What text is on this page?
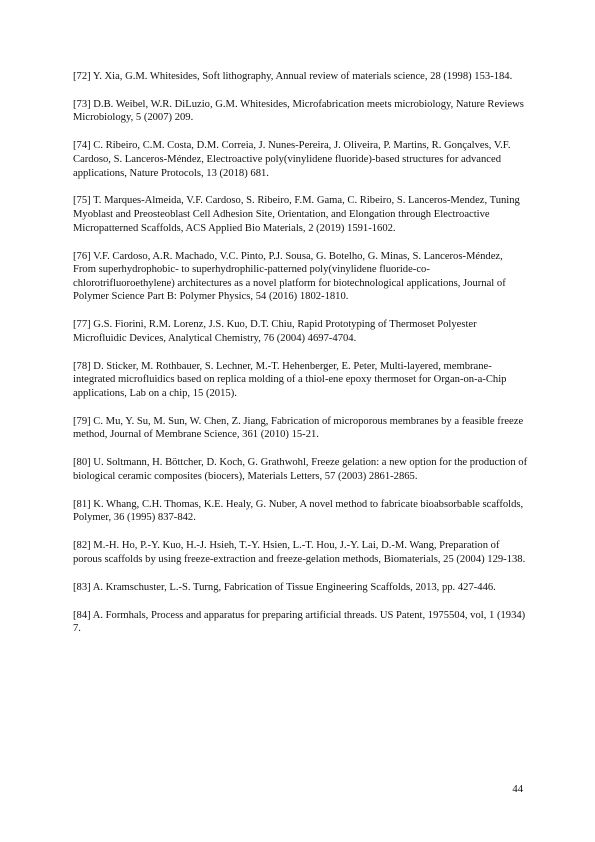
[72] Y. Xia, G.M. Whitesides, Soft lithography, Annual review of materials science, 28 (1998) 153-184.

[73] D.B. Weibel, W.R. DiLuzio, G.M. Whitesides, Microfabrication meets microbiology, Nature Reviews Microbiology, 5 (2007) 209.

[74] C. Ribeiro, C.M. Costa, D.M. Correia, J. Nunes-Pereira, J. Oliveira, P. Martins, R. Gonçalves, V.F. Cardoso, S. Lanceros-Méndez, Electroactive poly(vinylidene fluoride)-based structures for advanced applications, Nature Protocols, 13 (2018) 681.

[75] T. Marques-Almeida, V.F. Cardoso, S. Ribeiro, F.M. Gama, C. Ribeiro, S. Lanceros-Mendez, Tuning Myoblast and Preosteoblast Cell Adhesion Site, Orientation, and Elongation through Electroactive Micropatterned Scaffolds, ACS Applied Bio Materials, 2 (2019) 1591-1602.

[76] V.F. Cardoso, A.R. Machado, V.C. Pinto, P.J. Sousa, G. Botelho, G. Minas, S. Lanceros-Méndez, From superhydrophobic- to superhydrophilic-patterned poly(vinylidene fluoride-co-chlorotrifluoroethylene) architectures as a novel platform for biotechnological applications, Journal of Polymer Science Part B: Polymer Physics, 54 (2016) 1802-1810.

[77] G.S. Fiorini, R.M. Lorenz, J.S. Kuo, D.T. Chiu, Rapid Prototyping of Thermoset Polyester Microfluidic Devices, Analytical Chemistry, 76 (2004) 4697-4704.

[78] D. Sticker, M. Rothbauer, S. Lechner, M.-T. Hehenberger, E. Peter, Multi-layered, membrane-integrated microfluidics based on replica molding of a thiol-ene epoxy thermoset for Organ-on-a-Chip applications, Lab on a chip, 15 (2015).

[79] C. Mu, Y. Su, M. Sun, W. Chen, Z. Jiang, Fabrication of microporous membranes by a feasible freeze method, Journal of Membrane Science, 361 (2010) 15-21.

[80] U. Soltmann, H. Böttcher, D. Koch, G. Grathwohl, Freeze gelation: a new option for the production of biological ceramic composites (biocers), Materials Letters, 57 (2003) 2861-2865.

[81] K. Whang, C.H. Thomas, K.E. Healy, G. Nuber, A novel method to fabricate bioabsorbable scaffolds, Polymer, 36 (1995) 837-842.

[82] M.-H. Ho, P.-Y. Kuo, H.-J. Hsieh, T.-Y. Hsien, L.-T. Hou, J.-Y. Lai, D.-M. Wang, Preparation of porous scaffolds by using freeze-extraction and freeze-gelation methods, Biomaterials, 25 (2004) 129-138.

[83] A. Kramschuster, L.-S. Turng, Fabrication of Tissue Engineering Scaffolds, 2013, pp. 427-446.

[84] A. Formhals, Process and apparatus for preparing artificial threads. US Patent, 1975504, vol, 1 (1934) 7.

44
